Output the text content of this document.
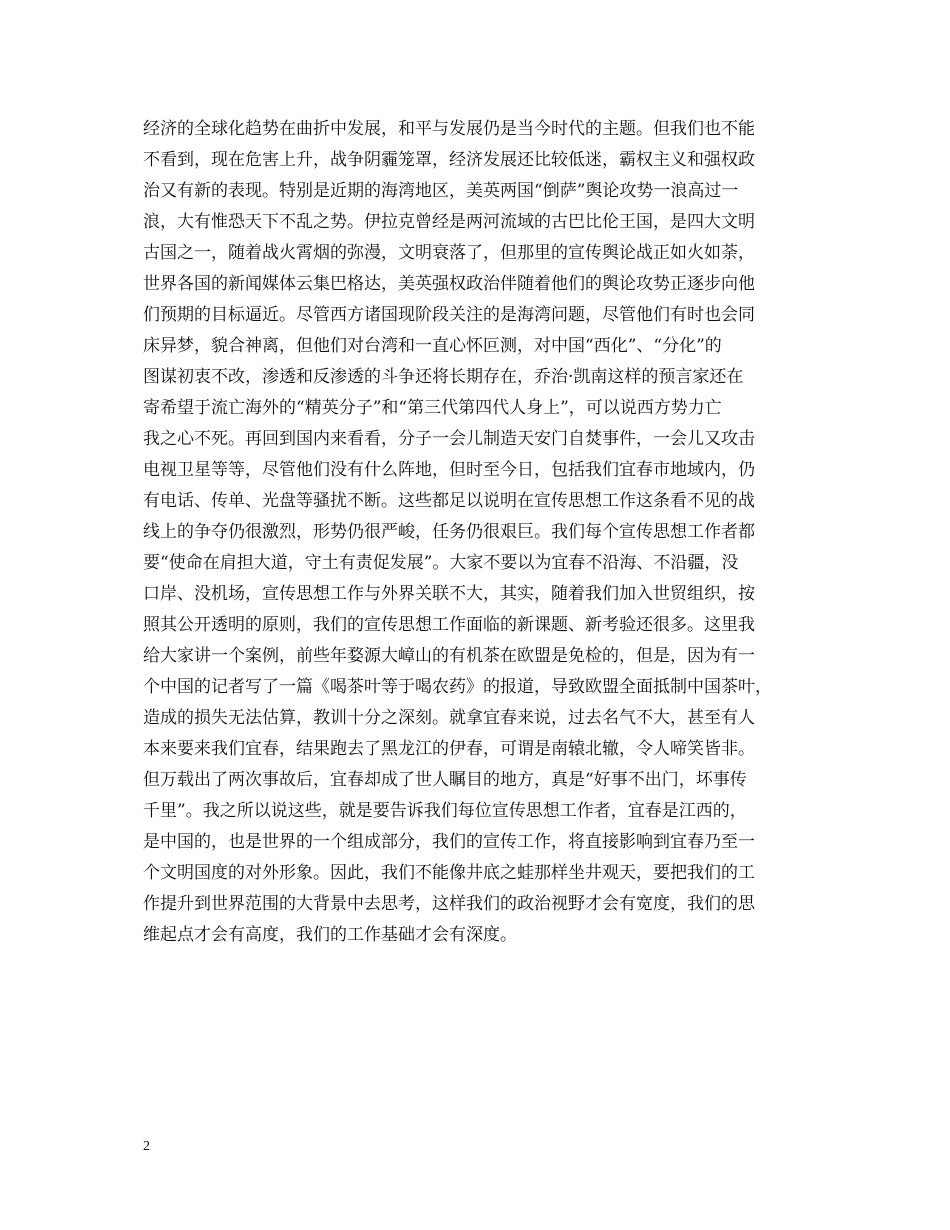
经济的全球化趋势在曲折中发展，和平与发展仍是当今时代的主题。但我们也不能
不看到，现在危害上升，战争阴霾笼罩，经济发展还比较低迷，霸权主义和强权政
治又有新的表现。特别是近期的海湾地区，美英两国“倒萨”舆论攻势一浪高过一
浪，大有惟恐天下不乱之势。伊拉克曾经是两河流域的古巴比伦王国，是四大文明
古国之一，随着战火霄烟的弥漫，文明衰落了，但那里的宣传舆论战正如火如荼，
世界各国的新闻媒体云集巴格达，美英强权政治伴随着他们的舆论攻势正逐步向他
们预期的目标逼近。尽管西方诸国现阶段关注的是海湾问题，尽管他们有时也会同
床异梦，貌合神离，但他们对台湾和一直心怀叵测，对中国“西化”、“分化”的
图谋初衷不改，渗透和反渗透的斗争还将长期存在，乔治·凯南这样的预言家还在
寄希望于流亡海外的“精英分子”和“第三代第四代人身上”，可以说西方势力亡
我之心不死。再回到国内来看看，分子一会儿制造天安门自焚事件，一会儿又攻击
电视卫星等等，尽管他们没有什么阵地，但时至今日，包括我们宜春市地域内，仍
有电话、传单、光盘等骚扰不断。这些都足以说明在宣传思想工作这条看不见的战
线上的争夺仍很激烈，形势仍很严峻，任务仍很艰巨。我们每个宣传思想工作者都
要“使命在肩担大道，守土有责促发展”。大家不要以为宜春不沿海、不沿疆，没
口岸、没机场，宣传思想工作与外界关联不大，其实，随着我们加入世贸组织，按
照其公开透明的原则，我们的宣传思想工作面临的新课题、新考验还很多。这里我
给大家讲一个案例，前些年婺源大嶂山的有机茶在欧盟是免检的，但是，因为有一
个中国的记者写了一篇《喝茶叶等于喝农药》的报道，导致欧盟全面抵制中国茶叶，
造成的损失无法估算，教训十分之深刻。就拿宜春来说，过去名气不大，甚至有人
本来要来我们宜春，结果跑去了黑龙江的伊春，可谓是南辕北辙，令人啼笑皆非。
但万载出了两次事故后，宜春却成了世人瞩目的地方，真是“好事不出门，坏事传
千里”。我之所以说这些，就是要告诉我们每位宣传思想工作者，宜春是江西的，
是中国的，也是世界的一个组成部分，我们的宣传工作，将直接影响到宜春乃至一
个文明国度的对外形象。因此，我们不能像井底之蛙那样坐井观天，要把我们的工
作提升到世界范围的大背景中去思考，这样我们的政治视野才会有宽度，我们的思
维起点才会有高度，我们的工作基础才会有深度。
2
